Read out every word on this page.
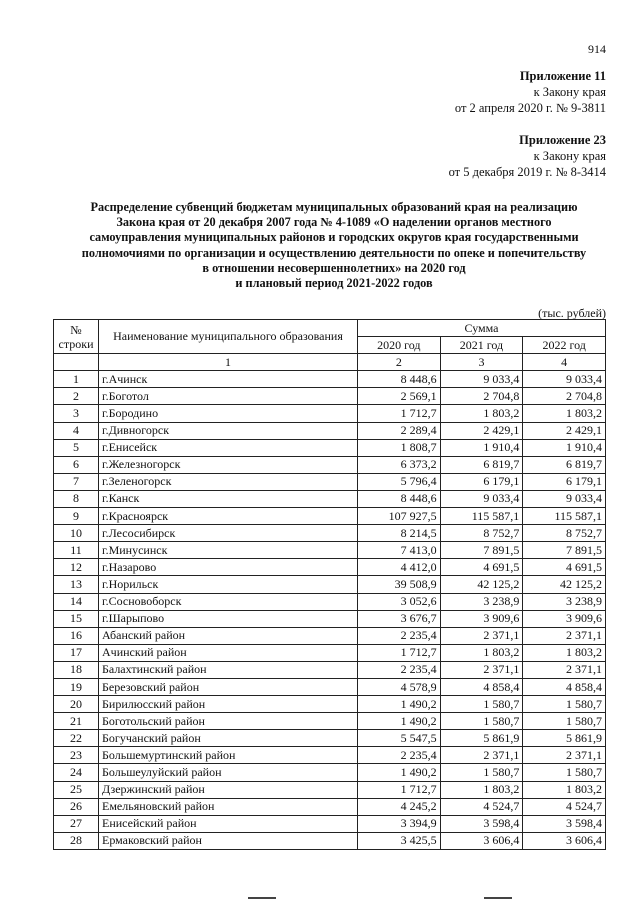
914
Приложение 11
к Закону края
от 2 апреля 2020 г. № 9-3811
Приложение 23
к Закону края
от 5 декабря 2019 г. № 8-3414
Распределение субвенций бюджетам муниципальных образований края на реализацию
Закона края от 20 декабря 2007 года № 4-1089 «О наделении органов местного
самоуправления муниципальных районов и городских округов края государственными
полномочиями по организации и осуществлению деятельности по опеке и попечительству
в отношении несовершеннолетних» на 2020 год
и плановый период 2021-2022 годов
(тыс. рублей)
№ строки	Наименование муниципального образования	Сумма		
		2020 год	2021 год	2022 год
	1	2	3	4
1	г.Ачинск	8 448,6	9 033,4	9 033,4
2	г.Боготол	2 569,1	2 704,8	2 704,8
3	г.Бородино	1 712,7	1 803,2	1 803,2
4	г.Дивногорск	2 289,4	2 429,1	2 429,1
5	г.Енисейск	1 808,7	1 910,4	1 910,4
6	г.Железногорск	6 373,2	6 819,7	6 819,7
7	г.Зеленогорск	5 796,4	6 179,1	6 179,1
8	г.Канск	8 448,6	9 033,4	9 033,4
9	г.Красноярск	107 927,5	115 587,1	115 587,1
10	г.Лесосибирск	8 214,5	8 752,7	8 752,7
11	г.Минусинск	7 413,0	7 891,5	7 891,5
12	г.Назарово	4 412,0	4 691,5	4 691,5
13	г.Норильск	39 508,9	42 125,2	42 125,2
14	г.Сосновоборск	3 052,6	3 238,9	3 238,9
15	г.Шарыпово	3 676,7	3 909,6	3 909,6
16	Абанский район	2 235,4	2 371,1	2 371,1
17	Ачинский район	1 712,7	1 803,2	1 803,2
18	Балахтинский район	2 235,4	2 371,1	2 371,1
19	Березовский район	4 578,9	4 858,4	4 858,4
20	Бирилюсский район	1 490,2	1 580,7	1 580,7
21	Боготольский район	1 490,2	1 580,7	1 580,7
22	Богучанский район	5 547,5	5 861,9	5 861,9
23	Большемуртинский район	2 235,4	2 371,1	2 371,1
24	Большеулуйский район	1 490,2	1 580,7	1 580,7
25	Дзержинский район	1 712,7	1 803,2	1 803,2
26	Емельяновский район	4 245,2	4 524,7	4 524,7
27	Енисейский район	3 394,9	3 598,4	3 598,4
28	Ермаковский район	3 425,5	3 606,4	3 606,4
